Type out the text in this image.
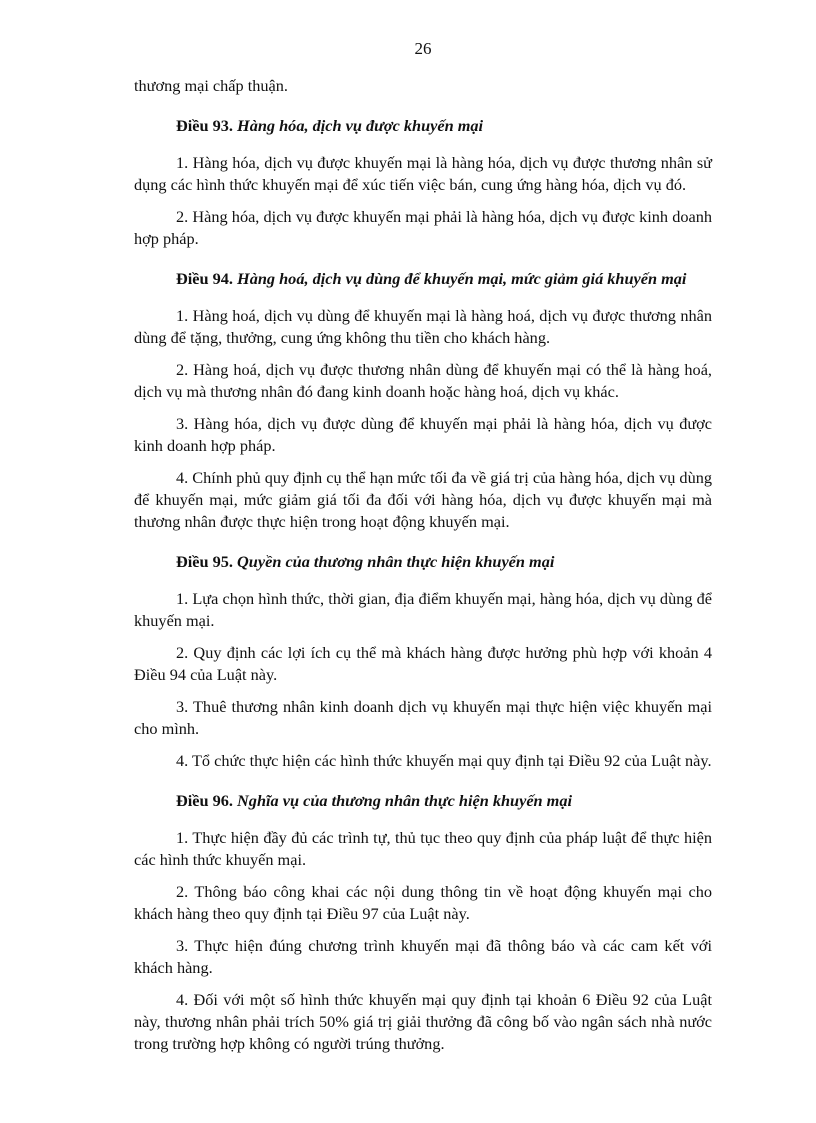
26

thương mại chấp thuận.

Điều 93. Hàng hóa, dịch vụ được khuyến mại

1. Hàng hóa, dịch vụ được khuyến mại là hàng hóa, dịch vụ được thương nhân sử dụng các hình thức khuyến mại để xúc tiến việc bán, cung ứng hàng hóa, dịch vụ đó.

2. Hàng hóa, dịch vụ được khuyến mại phải là hàng hóa, dịch vụ được kinh doanh hợp pháp.

Điều 94. Hàng hoá, dịch vụ dùng để khuyến mại, mức giảm giá khuyến mại

1. Hàng hoá, dịch vụ dùng để khuyến mại là hàng hoá, dịch vụ được thương nhân dùng để tặng, thưởng, cung ứng không thu tiền cho khách hàng.

2. Hàng hoá, dịch vụ được thương nhân dùng để khuyến mại có thể là hàng hoá, dịch vụ mà thương nhân đó đang kinh doanh hoặc hàng hoá, dịch vụ khác.

3. Hàng hóa, dịch vụ được dùng để khuyến mại phải là hàng hóa, dịch vụ được kinh doanh hợp pháp.

4. Chính phủ quy định cụ thể hạn mức tối đa về giá trị của hàng hóa, dịch vụ dùng để khuyến mại, mức giảm giá tối đa đối với hàng hóa, dịch vụ được khuyến mại mà thương nhân được thực hiện trong hoạt động khuyến mại.

Điều 95. Quyền của thương nhân thực hiện khuyến mại

1. Lựa chọn hình thức, thời gian, địa điểm khuyến mại, hàng hóa, dịch vụ dùng để khuyến mại.

2. Quy định các lợi ích cụ thể mà khách hàng được hưởng phù hợp với khoản 4 Điều 94 của Luật này.

3. Thuê thương nhân kinh doanh dịch vụ khuyến mại thực hiện việc khuyến mại cho mình.

4. Tổ chức thực hiện các hình thức khuyến mại quy định tại Điều 92 của Luật này.

Điều 96. Nghĩa vụ của thương nhân thực hiện khuyến mại

1. Thực hiện đầy đủ các trình tự, thủ tục theo quy định của pháp luật để thực hiện các hình thức khuyến mại.

2. Thông báo công khai các nội dung thông tin về hoạt động khuyến mại cho khách hàng theo quy định tại Điều 97 của Luật này.

3. Thực hiện đúng chương trình khuyến mại đã thông báo và các cam kết với khách hàng.

4. Đối với một số hình thức khuyến mại quy định tại khoản 6 Điều 92 của Luật này, thương nhân phải trích 50% giá trị giải thưởng đã công bố vào ngân sách nhà nước trong trường hợp không có người trúng thưởng.
